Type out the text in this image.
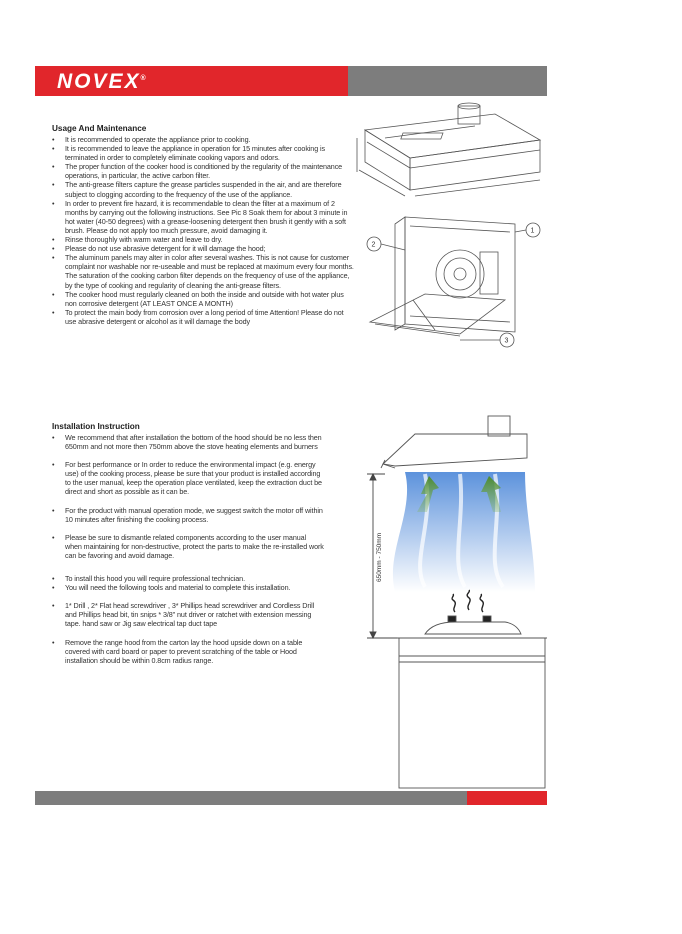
NOVEX®
Usage And Maintenance
• It is recommended to operate the appliance prior to cooking.
• It is recommended to leave the appliance in operation for 15 minutes after cooking is terminated in order to completely eliminate cooking vapors and odors.
• The proper function of the cooker hood is conditioned by the regularity of the maintenance operations, in particular, the active carbon filter.
• The anti-grease filters capture the grease particles suspended in the air, and are therefore subject to clogging according to the frequency of the use of the appliance.
• In order to prevent fire hazard, it is recommendable to clean the filter at a maximum of 2 months by carrying out the following instructions. See Pic 8 Soak them for about 3 minute in hot water (40-50 degrees) with a grease-loosening detergent then brush it gently with a soft brush. Please do not apply too much pressure, avoid damaging it.
• Rinse thoroughly with warm water and leave to dry.
• Please do not use abrasive detergent for it will damage the hood;
• The aluminum panels may alter in color after several washes. This is not cause for customer complaint nor washable nor re-useable and must be replaced at maximum every four months. The saturation of the cooking carbon filter depends on the frequency of use of the appliance, by the type of cooking and regularity of cleaning the anti-grease filters.
• The cooker hood must regularly cleaned on both the inside and outside with hot water plus non corrosive detergent (AT LEAST ONCE A MONTH)
• To protect the main body from corrosion over a long period of time Attention! Please do not use abrasive detergent or alcohol as it will damage the body
Installation Instruction
• We recommend that after installation the bottom of the hood should be no less then 650mm and not more then 750mm above the stove heating elements and burners
• For best performance or In order to reduce the environmental impact (e.g. energy use) of the cooking process, please be sure that your product is installed according to the user manual, keep the operation place ventilated, keep the extraction duct be direct and short as possible as it can be.
• For the product with manual operation mode, we suggest switch the motor off within 10 minutes after finishing the cooking process.
• Please be sure to dismantle related components according to the user manual when maintaining for non-destructive, protect the parts to make the re-installed work can be favoring and avoid damage.
• To install this hood you will require professional technician.
• You will need the following tools and material to complete this installation.
• 1* Drill , 2* Flat head screwdriver , 3* Phillips head screwdriver and Cordless Drill and Phillips head bit, tin snips * 3/8" nut driver or ratchet with extension messing tape. hand saw or Jig saw electrical tap duct tape
• Remove the range hood from the carton lay the hood upside down on a table covered with card board or paper to prevent scratching of the table or Hood installation should be within 0.8cm radius range.
1
2
3
650mm - 750mm
